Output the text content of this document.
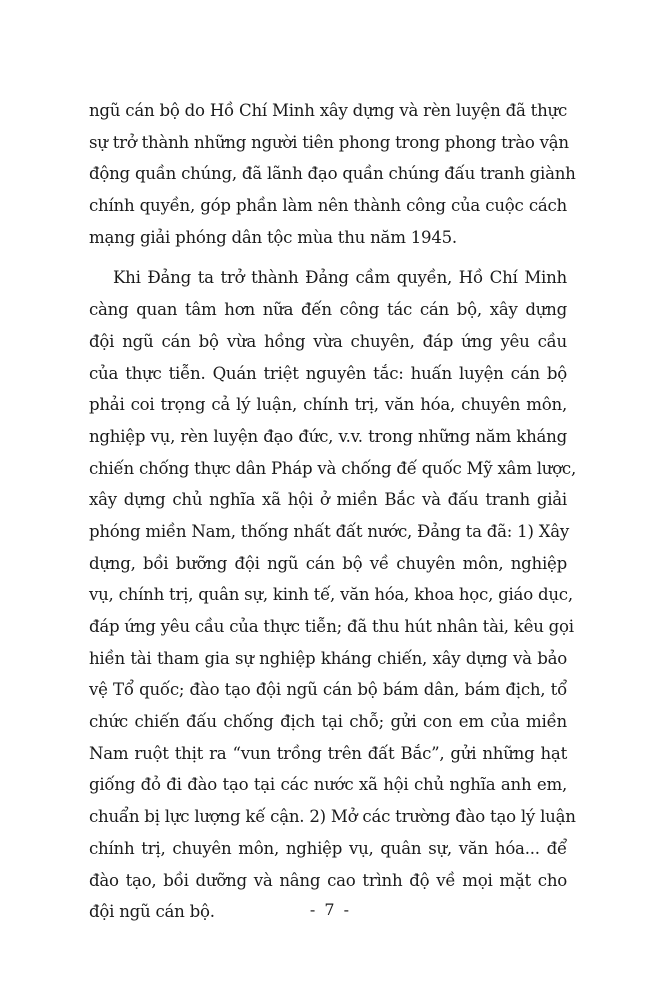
ngũ cán bộ do Hồ Chí Minh xây dựng và rèn luyện đã thực
sự trở thành những người tiên phong trong phong trào vận
động quần chúng, đã lãnh đạo quần chúng đấu tranh giành
chính quyền, góp phần làm nên thành công của cuộc cách
mạng giải phóng dân tộc mùa thu năm 1945.
Khi Đảng ta trở thành Đảng cầm quyền, Hồ Chí Minh
càng quan tâm hơn nữa đến công tác cán bộ, xây dựng
đội ngũ cán bộ vừa hồng vừa chuyên, đáp ứng yêu cầu
của thực tiễn. Quán triệt nguyên tắc: huấn luyện cán bộ
phải coi trọng cả lý luận, chính trị, văn hóa, chuyên môn,
nghiệp vụ, rèn luyện đạo đức, v.v. trong những năm kháng
chiến chống thực dân Pháp và chống đế quốc Mỹ xâm lược,
xây dựng chủ nghĩa xã hội ở miền Bắc và đấu tranh giải
phóng miền Nam, thống nhất đất nước, Đảng ta đã: 1) Xây
dựng, bồi bưỡng đội ngũ cán bộ về chuyên môn, nghiệp
vụ, chính trị, quân sự, kinh tế, văn hóa, khoa học, giáo dục,
đáp ứng yêu cầu của thực tiễn; đã thu hút nhân tài, kêu gọi
hiền tài tham gia sự nghiệp kháng chiến, xây dựng và bảo
vệ Tổ quốc; đào tạo đội ngũ cán bộ bám dân, bám địch, tổ
chức chiến đấu chống địch tại chỗ; gửi con em của miền
Nam ruột thịt ra “vun trồng trên đất Bắc”, gửi những hạt
giống đỏ đi đào tạo tại các nước xã hội chủ nghĩa anh em,
chuẩn bị lực lượng kế cận. 2) Mở các trường đào tạo lý luận
chính trị, chuyên môn, nghiệp vụ, quân sự, văn hóa... để
đào tạo, bồi dưỡng và nâng cao trình độ về mọi mặt cho
đội ngũ cán bộ.	- 7 -
